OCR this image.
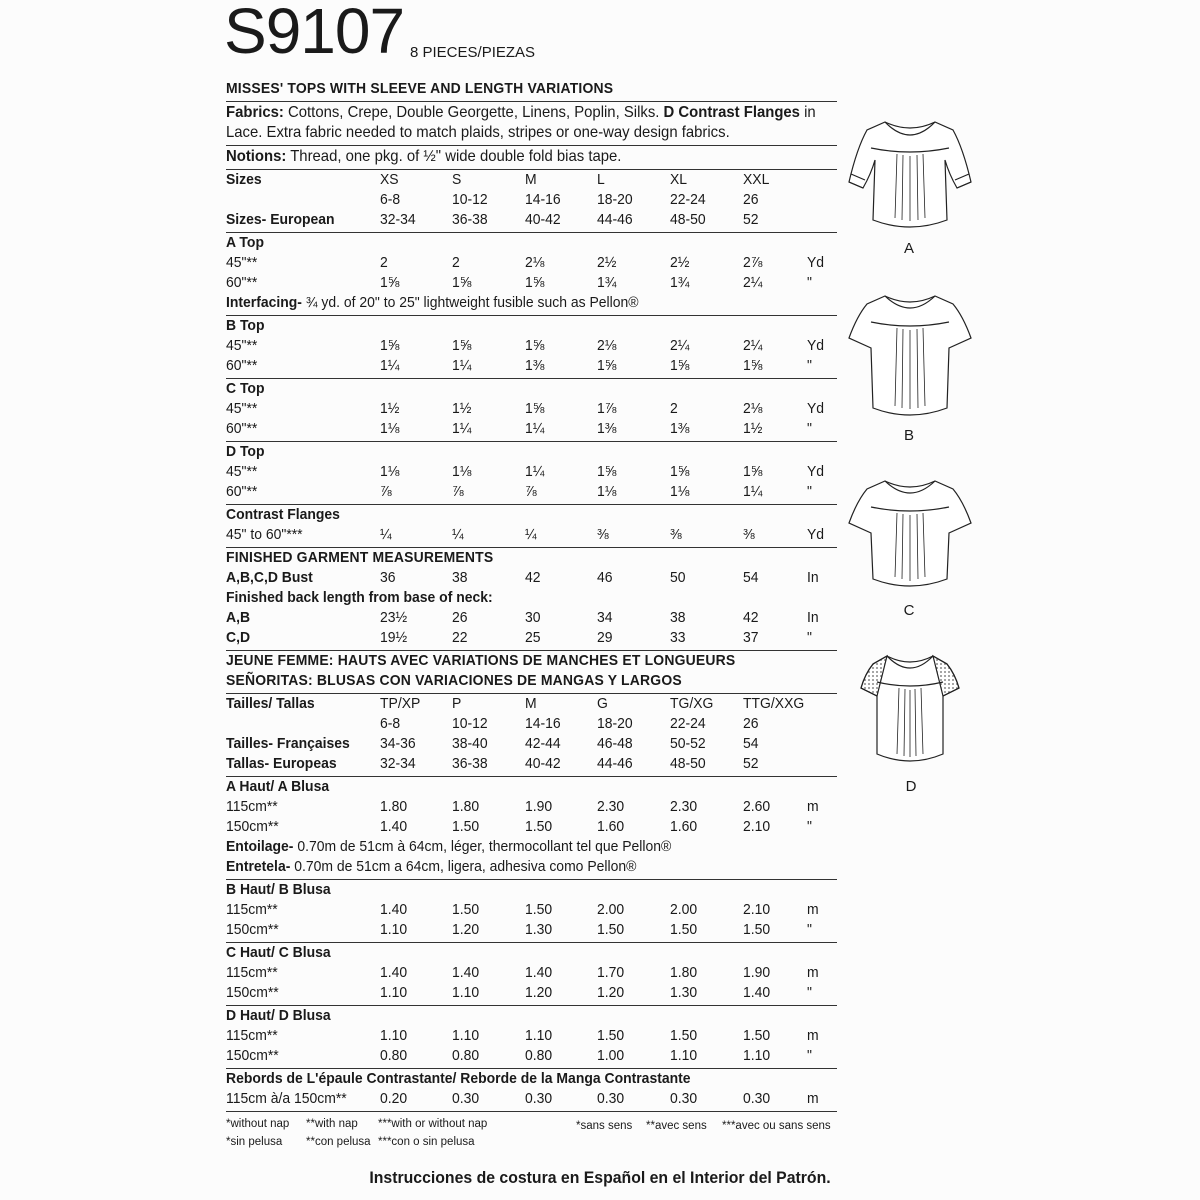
S9107 8 PIECES/PIEZAS
MISSES' TOPS WITH SLEEVE AND LENGTH VARIATIONS
Fabrics: Cottons, Crepe, Double Georgette, Linens, Poplin, Silks. D Contrast Flanges in
Lace. Extra fabric needed to match plaids, stripes or one-way design fabrics.
Notions: Thread, one pkg. of ½" wide double fold bias tape.
Sizes	XS	S	M	L	XL	XXL
6-8	10-12 14-16 18-20 22-24 26
Sizes- European	32-34 36-38 40-42 44-46 48-50 52
A Top
45"**	2	2	2⅛	2½	2½	2⅞	Yd
60"**	1⅝	1⅝	1⅝	1¾	1¾	2¼	"
Interfacing- ¾ yd. of 20" to 25" lightweight fusible such as Pellon®
B Top
45"**	1⅝	1⅝	1⅝	2⅛	2¼	2¼	Yd
60"**	1¼	1¼	1⅜	1⅝	1⅝	1⅝	"
C Top
45"**	1½	1½	1⅝	1⅞	2	2⅛	Yd
60"**	1⅛	1¼	1¼	1⅜	1⅜	1½	"
D Top
45"**	1⅛	1⅛	1¼	1⅝	1⅝	1⅝	Yd
60"**	⅞	⅞	⅞	1⅛	1⅛	1¼	"
Contrast Flanges
45" to 60"***	¼	¼	¼	⅜	⅜	⅜	Yd
FINISHED GARMENT MEASUREMENTS
A,B,C,D Bust	36	38	42	46	50	54	In
Finished back length from base of neck:
A,B	23½	26	30	34	38	42	In
C,D	19½	22	25	29	33	37	"
JEUNE FEMME: HAUTS AVEC VARIATIONS DE MANCHES ET LONGUEURS
SEÑORITAS: BLUSAS CON VARIACIONES DE MANGAS Y LARGOS
Tailles/ Tallas	TP/XP P	M	G	TG/XG TTG/XXG
6-8	10-12 14-16 18-20 22-24 26
Tailles- Françaises 34-36 38-40 42-44 46-48 50-52 54
Tallas- Europeas	32-34 36-38 40-42 44-46 48-50 52
A Haut/ A Blusa
115cm**	1.80	1.80	1.90	2.30	2.30	2.60 m
150cm**	1.40	1.50	1.50	1.60	1.60	2.10 "
Entoilage- 0.70m de 51cm à 64cm, léger, thermocollant tel que Pellon®
Entretela- 0.70m de 51cm a 64cm, ligera, adhesiva como Pellon®
B Haut/ B Blusa
115cm**	1.40	1.50	1.50	2.00	2.00	2.10 m
150cm**	1.10	1.20	1.30	1.50	1.50	1.50 "
C Haut/ C Blusa
115cm**	1.40	1.40	1.40	1.70	1.80	1.90 m
150cm**	1.10	1.10	1.20	1.20	1.30	1.40 "
D Haut/ D Blusa
115cm**	1.10	1.10	1.10	1.50	1.50	1.50 m
150cm**	0.80	0.80	0.80	1.00	1.10	1.10 "
Rebords de L'épaule Contrastante/ Reborde de la Manga Contrastante
115cm à/a 150cm** 0.20	0.30	0.30	0.30	0.30	0.30 m
*without nap **with nap ***with or without nap	*sans sens **avec sens ***avec ou sans sens
*sin pelusa **con pelusa ***con o sin pelusa
Instrucciones de costura en Español en el Interior del Patrón.
A
B
C
D
